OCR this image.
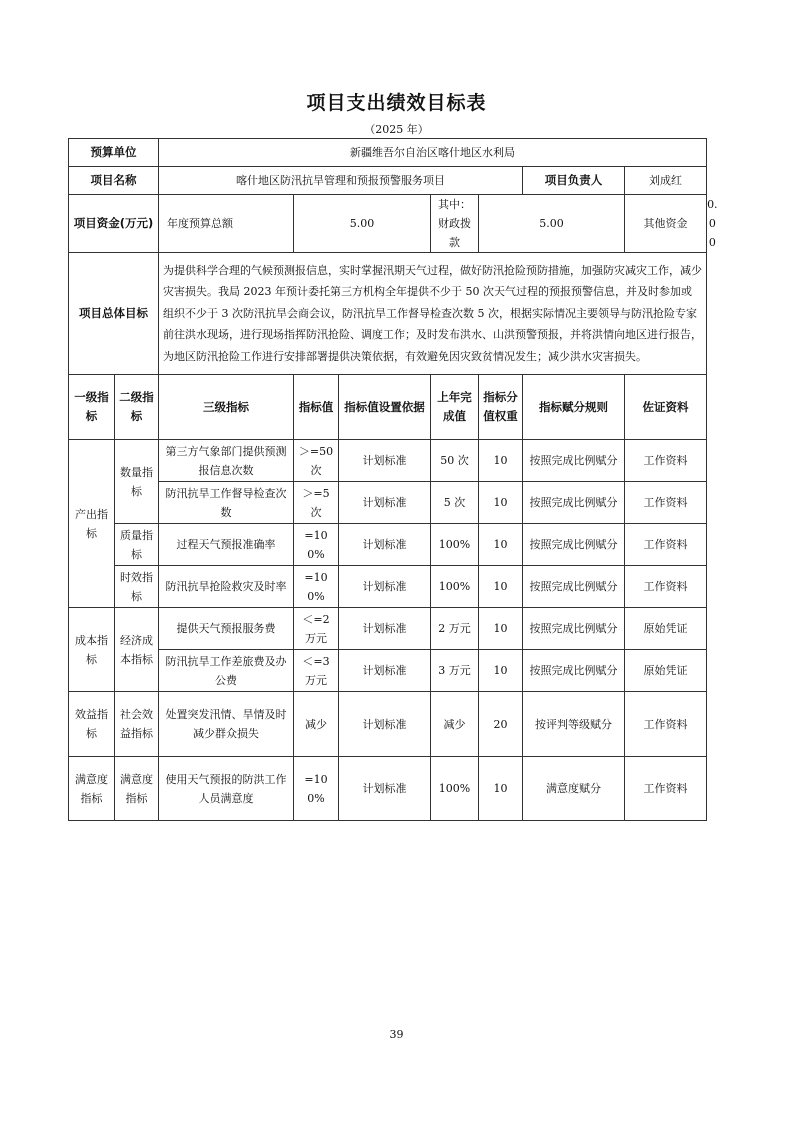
项目支出绩效目标表
（2025 年）
预算单位		新疆维吾尔自治区喀什地区水利局							
项目名称		喀什地区防汛抗旱管理和预报预警服务项目					项目负责人	刘成红	
项目资金(万元)		年度预算总额	5.00		其中：财政拨款	5.00		其他资金	0.00

项目总体目标		为提供科学合理的气候预测报信息，实时掌握汛期天气过程，做好防汛抢险预防措施，加强防灾减灾工作，减少灾害损失。我局 2023 年预计委托第三方机构全年提供不少于 50 次天气过程的预报预警信息，并及时参加或组织不少于 3 次防汛抗旱会商会议，防汛抗旱工作督导检查次数 5 次，根据实际情况主要领导与防汛抢险专家前往洪水现场，进行现场指挥防汛抢险、调度工作；及时发布洪水、山洪预警预报，并将洪情向地区进行报告，为地区防汛抢险工作进行安排部署提供决策依据，有效避免因灾致贫情况发生；减少洪水灾害损失。							
一级指标	二级指标	三级指标	指标值	指标值设置依据	上年完成值	指标分值权重	指标赋分规则	佐证资料	
产出指标	数量指标	第三方气象部门提供预测报信息次数	＞=50次	计划标准	50 次	10	按照完成比例赋分	工作资料	
		防汛抗旱工作督导检查次数	＞=5次	计划标准	5 次	10	按照完成比例赋分	工作资料	
	质量指标	过程天气预报准确率	=100%	计划标准	100%	10	按照完成比例赋分	工作资料	
	时效指标	防汛抗旱抢险救灾及时率	=100%	计划标准	100%	10	按照完成比例赋分	工作资料	
成本指标	经济成本指标	提供天气预报服务费	＜=2万元	计划标准	2 万元	10	按照完成比例赋分	原始凭证	
		防汛抗旱工作差旅费及办公费	＜=3万元	计划标准	3 万元	10	按照完成比例赋分	原始凭证	
效益指标	社会效益指标	处置突发汛情、旱情及时减少群众损失	减少	计划标准	减少	20	按评判等级赋分	工作资料	
满意度指标	满意度指标	使用天气预报的防洪工作人员满意度	=100%	计划标准	100%	10	满意度赋分	工作资料	
39
